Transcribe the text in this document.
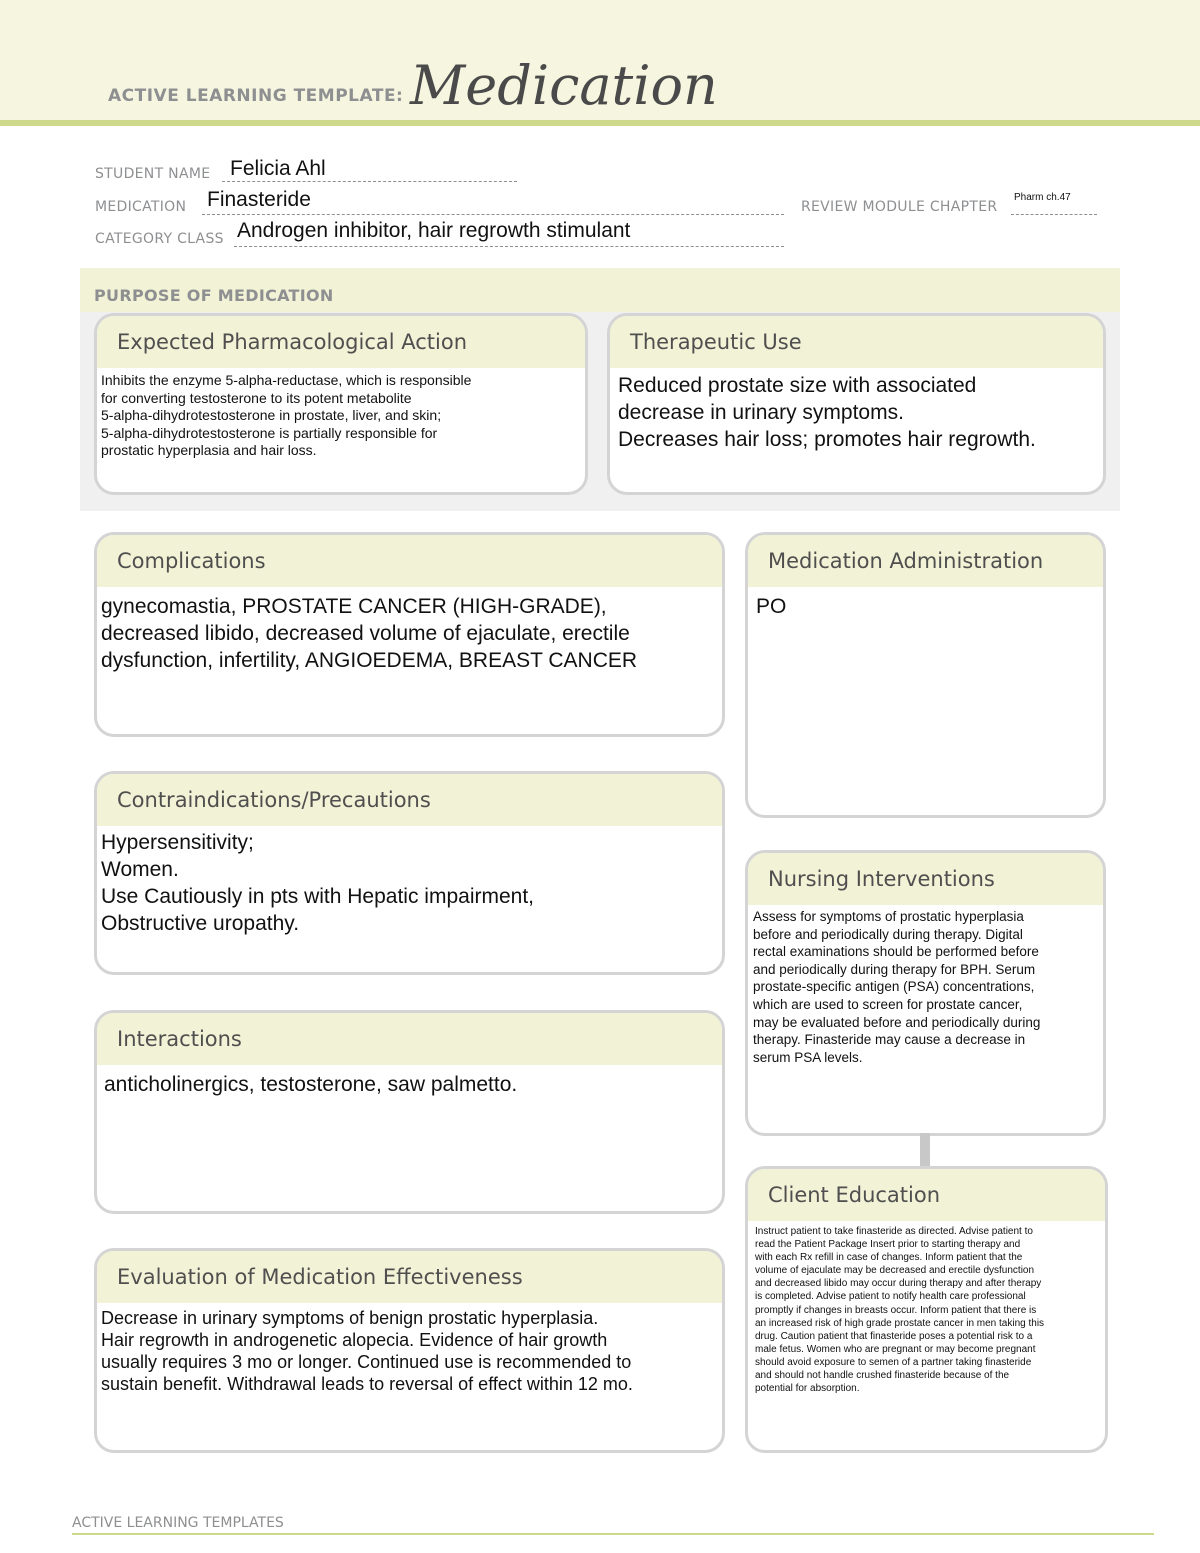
ACTIVE LEARNING TEMPLATE: Medication
STUDENT NAME Felicia Ahl
MEDICATION Finasteride	REVIEW MODULE CHAPTER
Pharm ch.47
CATEGORY CLASS Androgen inhibitor, hair regrowth stimulant
PURPOSE OF MEDICATION
Expected Pharmacological Action
Inhibits the enzyme 5-alpha-reductase, which is responsible
for converting testosterone to its potent metabolite
5-alpha-dihydrotestosterone in prostate, liver, and skin;
5-alpha-dihydrotestosterone is partially responsible for
prostatic hyperplasia and hair loss.
Therapeutic Use
Reduced prostate size with associated
decrease in urinary symptoms.
Decreases hair loss; promotes hair regrowth.
Complications
gynecomastia, PROSTATE CANCER (HIGH-GRADE),
decreased libido, decreased volume of ejaculate, erectile
dysfunction, infertility, ANGIOEDEMA, BREAST CANCER
Medication Administration
PO
Contraindications/Precautions
Hypersensitivity;
Women.
Use Cautiously in pts with Hepatic impairment,
Obstructive uropathy.
Nursing Interventions
Assess for symptoms of prostatic hyperplasia
before and periodically during therapy. Digital
rectal examinations should be performed before
and periodically during therapy for BPH. Serum
prostate-specific antigen (PSA) concentrations,
which are used to screen for prostate cancer,
may be evaluated before and periodically during
therapy. Finasteride may cause a decrease in
serum PSA levels.
Interactions
anticholinergics, testosterone, saw palmetto.
Client Education
Instruct patient to take finasteride as directed. Advise patient to
read the Patient Package Insert prior to starting therapy and
with each Rx refill in case of changes. Inform patient that the
volume of ejaculate may be decreased and erectile dysfunction
and decreased libido may occur during therapy and after therapy
is completed. Advise patient to notify health care professional
promptly if changes in breasts occur. Inform patient that there is
an increased risk of high grade prostate cancer in men taking this
drug. Caution patient that finasteride poses a potential risk to a
male fetus. Women who are pregnant or may become pregnant
should avoid exposure to semen of a partner taking finasteride
and should not handle crushed finasteride because of the
potential for absorption.
Evaluation of Medication Effectiveness
Decrease in urinary symptoms of benign prostatic hyperplasia.
Hair regrowth in androgenetic alopecia. Evidence of hair growth
usually requires 3 mo or longer. Continued use is recommended to
sustain benefit. Withdrawal leads to reversal of effect within 12 mo.
ACTIVE LEARNING TEMPLATES
